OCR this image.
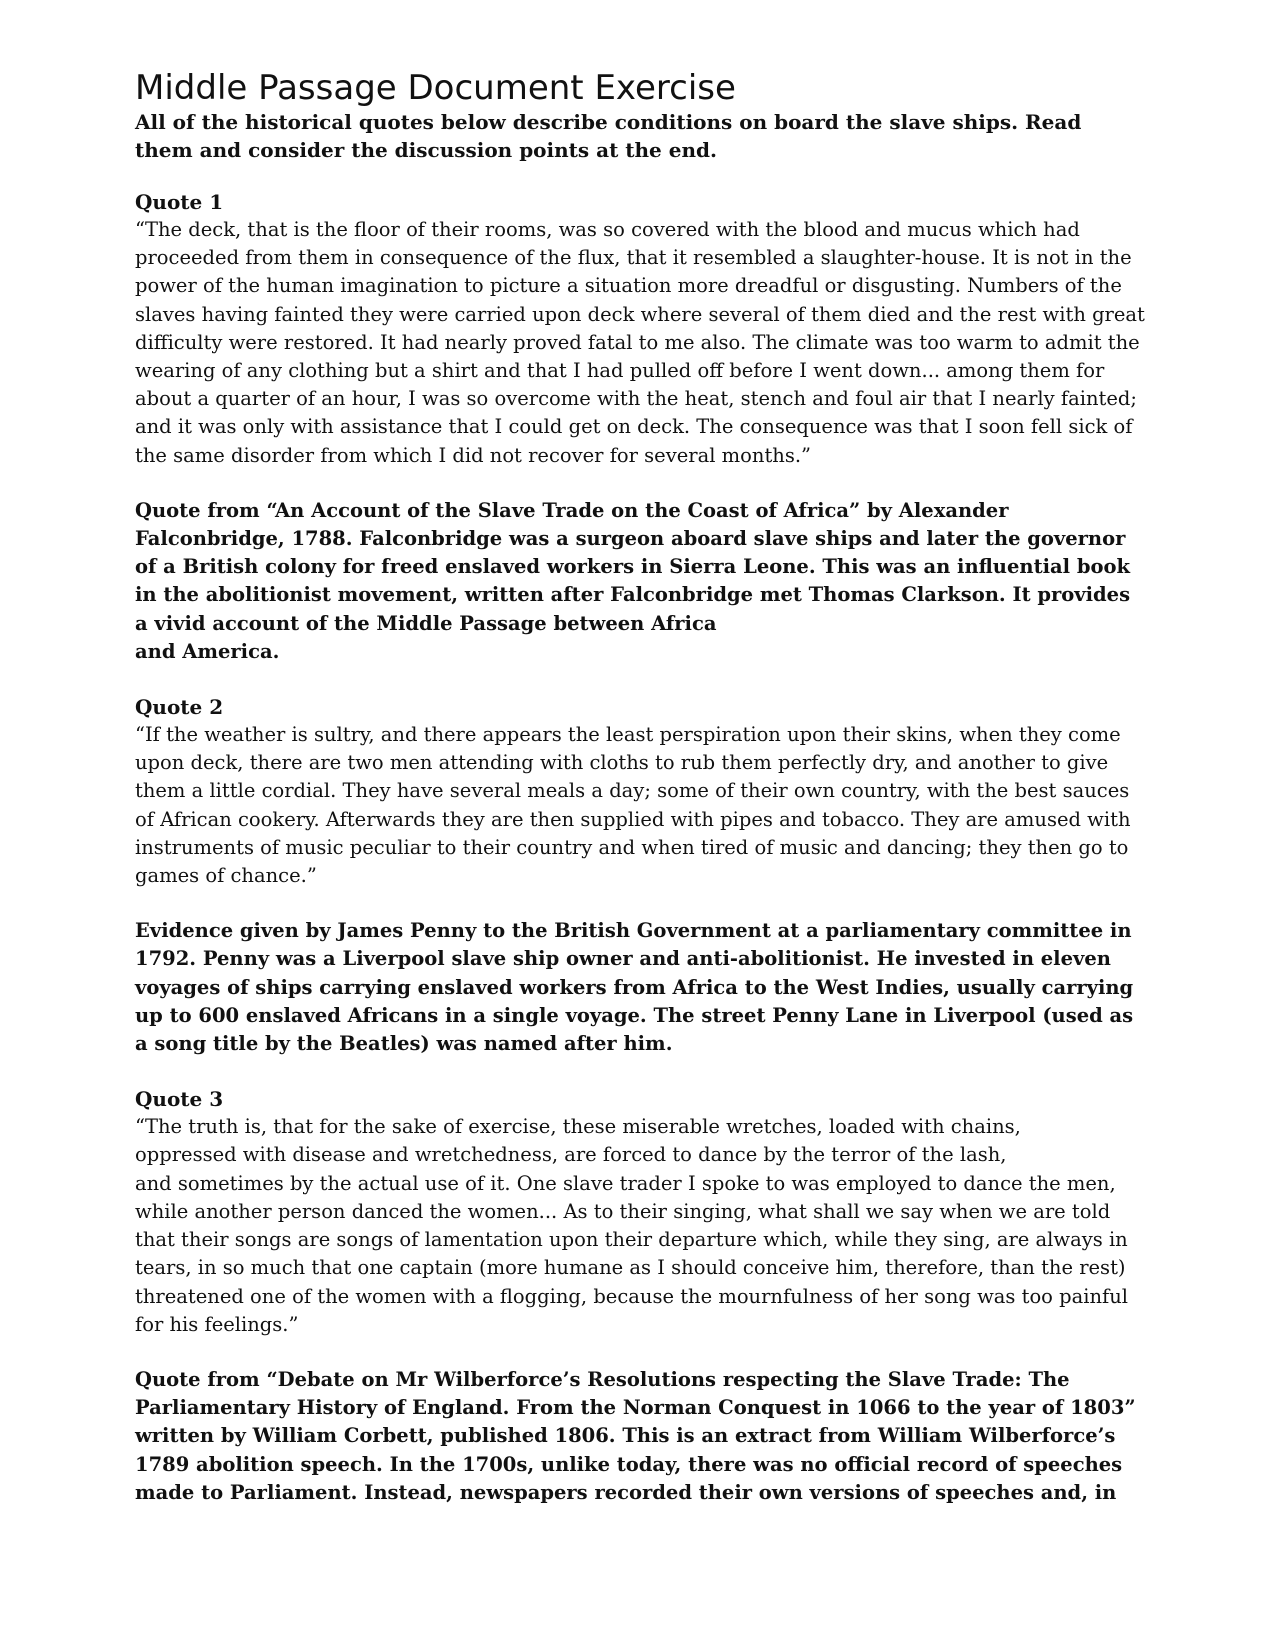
Middle Passage Document Exercise

All of the historical quotes below describe conditions on board the slave ships. Read them and consider the discussion points at the end.

Quote 1

“The deck, that is the floor of their rooms, was so covered with the blood and mucus which had proceeded from them in consequence of the flux, that it resembled a slaughter-house. It is not in the power of the human imagination to picture a situation more dreadful or disgusting. Numbers of the slaves having fainted they were carried upon deck where several of them died and the rest with great difficulty were restored. It had nearly proved fatal to me also. The climate was too warm to admit the wearing of any clothing but a shirt and that I had pulled off before I went down... among them for about a quarter of an hour, I was so overcome with the heat, stench and foul air that I nearly fainted; and it was only with assistance that I could get on deck. The consequence was that I soon fell sick of the same disorder from which I did not recover for several months.”

Quote from “An Account of the Slave Trade on the Coast of Africa” by Alexander Falconbridge, 1788. Falconbridge was a surgeon aboard slave ships and later the governor of a British colony for freed enslaved workers in Sierra Leone. This was an influential book in the abolitionist movement, written after Falconbridge met Thomas Clarkson. It provides a vivid account of the Middle Passage between Africa
and America.

Quote 2

“If the weather is sultry, and there appears the least perspiration upon their skins, when they come upon deck, there are two men attending with cloths to rub them perfectly dry, and another to give them a little cordial. They have several meals a day; some of their own country, with the best sauces of African cookery. Afterwards they are then supplied with pipes and tobacco. They are amused with instruments of music peculiar to their country and when tired of music and dancing; they then go to games of chance.”

Evidence given by James Penny to the British Government at a parliamentary committee in 1792. Penny was a Liverpool slave ship owner and anti-abolitionist. He invested in eleven voyages of ships carrying enslaved workers from Africa to the West Indies, usually carrying up to 600 enslaved Africans in a single voyage. The street Penny Lane in Liverpool (used as a song title by the Beatles) was named after him.

Quote 3

“The truth is, that for the sake of exercise, these miserable wretches, loaded with chains,
oppressed with disease and wretchedness, are forced to dance by the terror of the lash,
and sometimes by the actual use of it. One slave trader I spoke to was employed to dance the men, while another person danced the women... As to their singing, what shall we say when we are told that their songs are songs of lamentation upon their departure which, while they sing, are always in tears, in so much that one captain (more humane as I should conceive him, therefore, than the rest) threatened one of the women with a flogging, because the mournfulness of her song was too painful for his feelings.”

Quote from “Debate on Mr Wilberforce’s Resolutions respecting the Slave Trade: The Parliamentary History of England. From the Norman Conquest in 1066 to the year of 1803” written by William Corbett, published 1806. This is an extract from William Wilberforce’s 1789 abolition speech. In the 1700s, unlike today, there was no official record of speeches made to Parliament. Instead, newspapers recorded their own versions of speeches and, in
